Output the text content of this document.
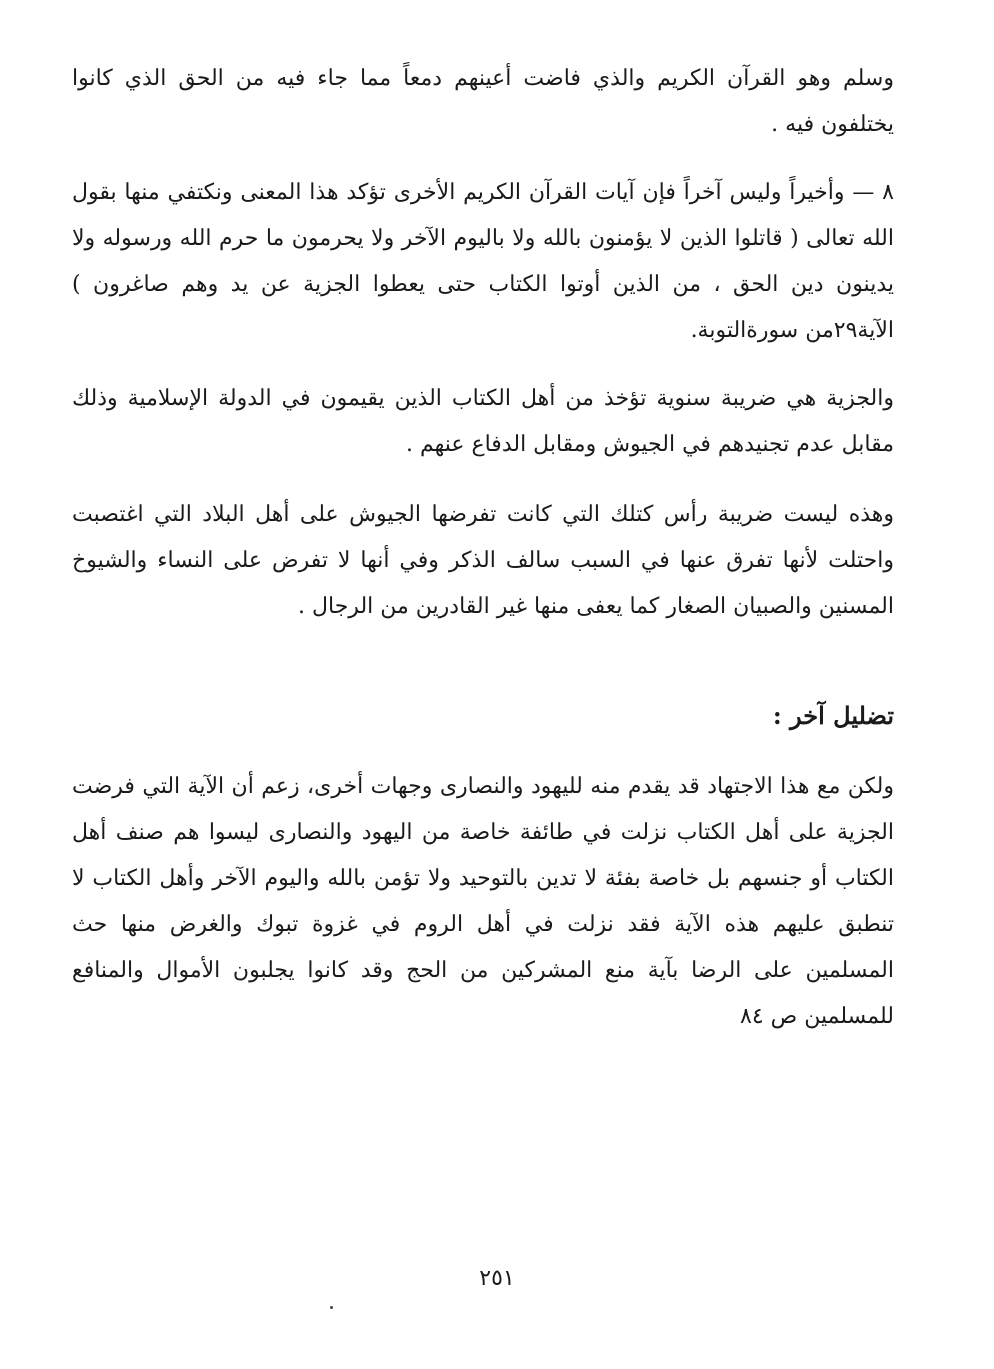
وسلم وهو القرآن الكريم والذي فاضت أعينهم دمعاً مما جاء فيه من الحق الذي كانوا يختلفون فيه .

٨ — وأخيراً وليس آخراً فإن آيات القرآن الكريم الأخرى تؤكد هذا المعنى ونكتفي منها بقول الله تعالى ( قاتلوا الذين لا يؤمنون بالله ولا باليوم الآخر ولا يحرمون ما حرم الله ورسوله ولا يدينون دين الحق ، من الذين أوتوا الكتاب حتى يعطوا الجزية عن يد وهم صاغرون ) الآية٢٩من سورةالتوبة.

والجزية هي ضريبة سنوية تؤخذ من أهل الكتاب الذين يقيمون في الدولة الإسلامية وذلك مقابل عدم تجنيدهم في الجيوش ومقابل الدفاع عنهم .

وهذه ليست ضريبة رأس كتلك التي كانت تفرضها الجيوش على أهل البلاد التي اغتصبت واحتلت لأنها تفرق عنها في السبب سالف الذكر وفي أنها لا تفرض على النساء والشيوخ المسنين والصبيان الصغار كما يعفى منها غير القادرين من الرجال .

تضليل آخر :

ولكن مع هذا الاجتهاد قد يقدم منه لليهود والنصارى وجهات أخرى، زعم أن الآية التي فرضت الجزية على أهل الكتاب نزلت في طائفة خاصة من اليهود والنصارى ليسوا هم صنف أهل الكتاب أو جنسهم بل خاصة بفئة لا تدين بالتوحيد ولا تؤمن بالله واليوم الآخر وأهل الكتاب لا تنطبق عليهم هذه الآية فقد نزلت في أهل الروم في غزوة تبوك والغرض منها حث المسلمين على الرضا بآية منع المشركين من الحج وقد كانوا يجلبون الأموال والمنافع للمسلمين ص ٨٤

٢٥١
